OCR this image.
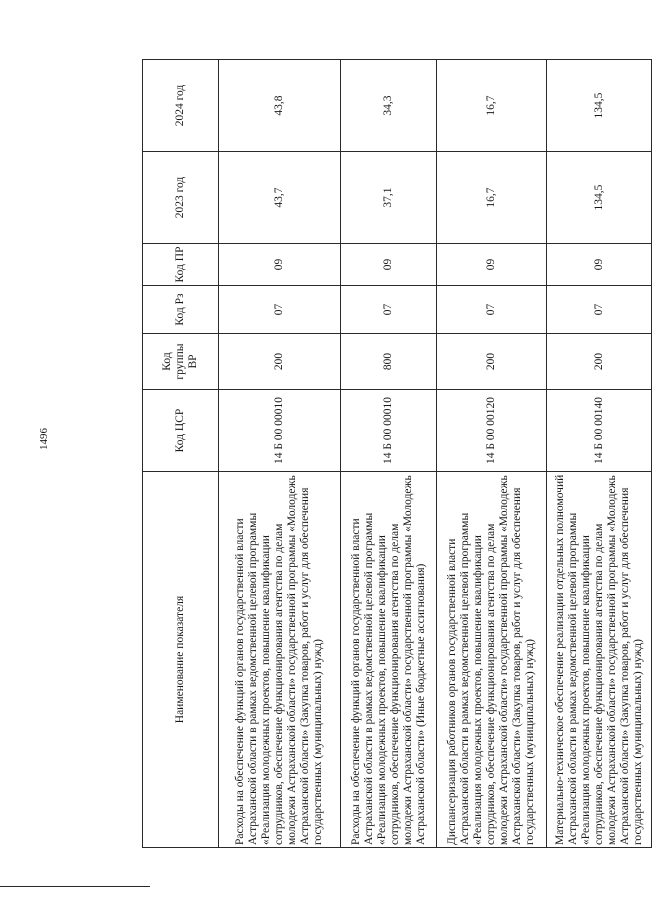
1496
Наименование показателя	Код ЦСР	Код группы ВР	Код Рз	Код ПР	2023 год	2024 год
Расходы на обеспечение функций органов государственной власти Астраханской области в рамках ведомственной целевой программы «Реализация молодежных проектов, повышение квалификации сотрудников, обеспечение функционирования агентства по делам молодежи Астраханской области» государственной программы «Молодежь Астраханской области» (Закупка товаров, работ и услуг для обеспечения государственных (муниципальных) нужд)	14 Б 00 00010	200	07	09	43,7	43,8
Расходы на обеспечение функций органов государственной власти Астраханской области в рамках ведомственной целевой программы «Реализация молодежных проектов, повышение квалификации сотрудников, обеспечение функционирования агентства по делам молодежи Астраханской области» государственной программы «Молодежь Астраханской области» (Иные бюджетные ассигнования)	14 Б 00 00010	800	07	09	37,1	34,3
Диспансеризация работников органов государственной власти Астраханской области в рамках ведомственной целевой программы «Реализация молодежных проектов, повышение квалификации сотрудников, обеспечение функционирования агентства по делам молодежи Астраханской области» государственной программы «Молодежь Астраханской области» (Закупка товаров, работ и услуг для обеспечения государственных (муниципальных) нужд)	14 Б 00 00120	200	07	09	16,7	16,7
Материально-техническое обеспечение реализации отдельных полномочий Астраханской области в рамках ведомственной целевой программы «Реализация молодежных проектов, повышение квалификации сотрудников, обеспечение функционирования агентства по делам молодежи Астраханской области» государственной программы «Молодежь Астраханской области» (Закупка товаров, работ и услуг для обеспечения государственных (муниципальных) нужд)	14 Б 00 00140	200	07	09	134,5	134,5
